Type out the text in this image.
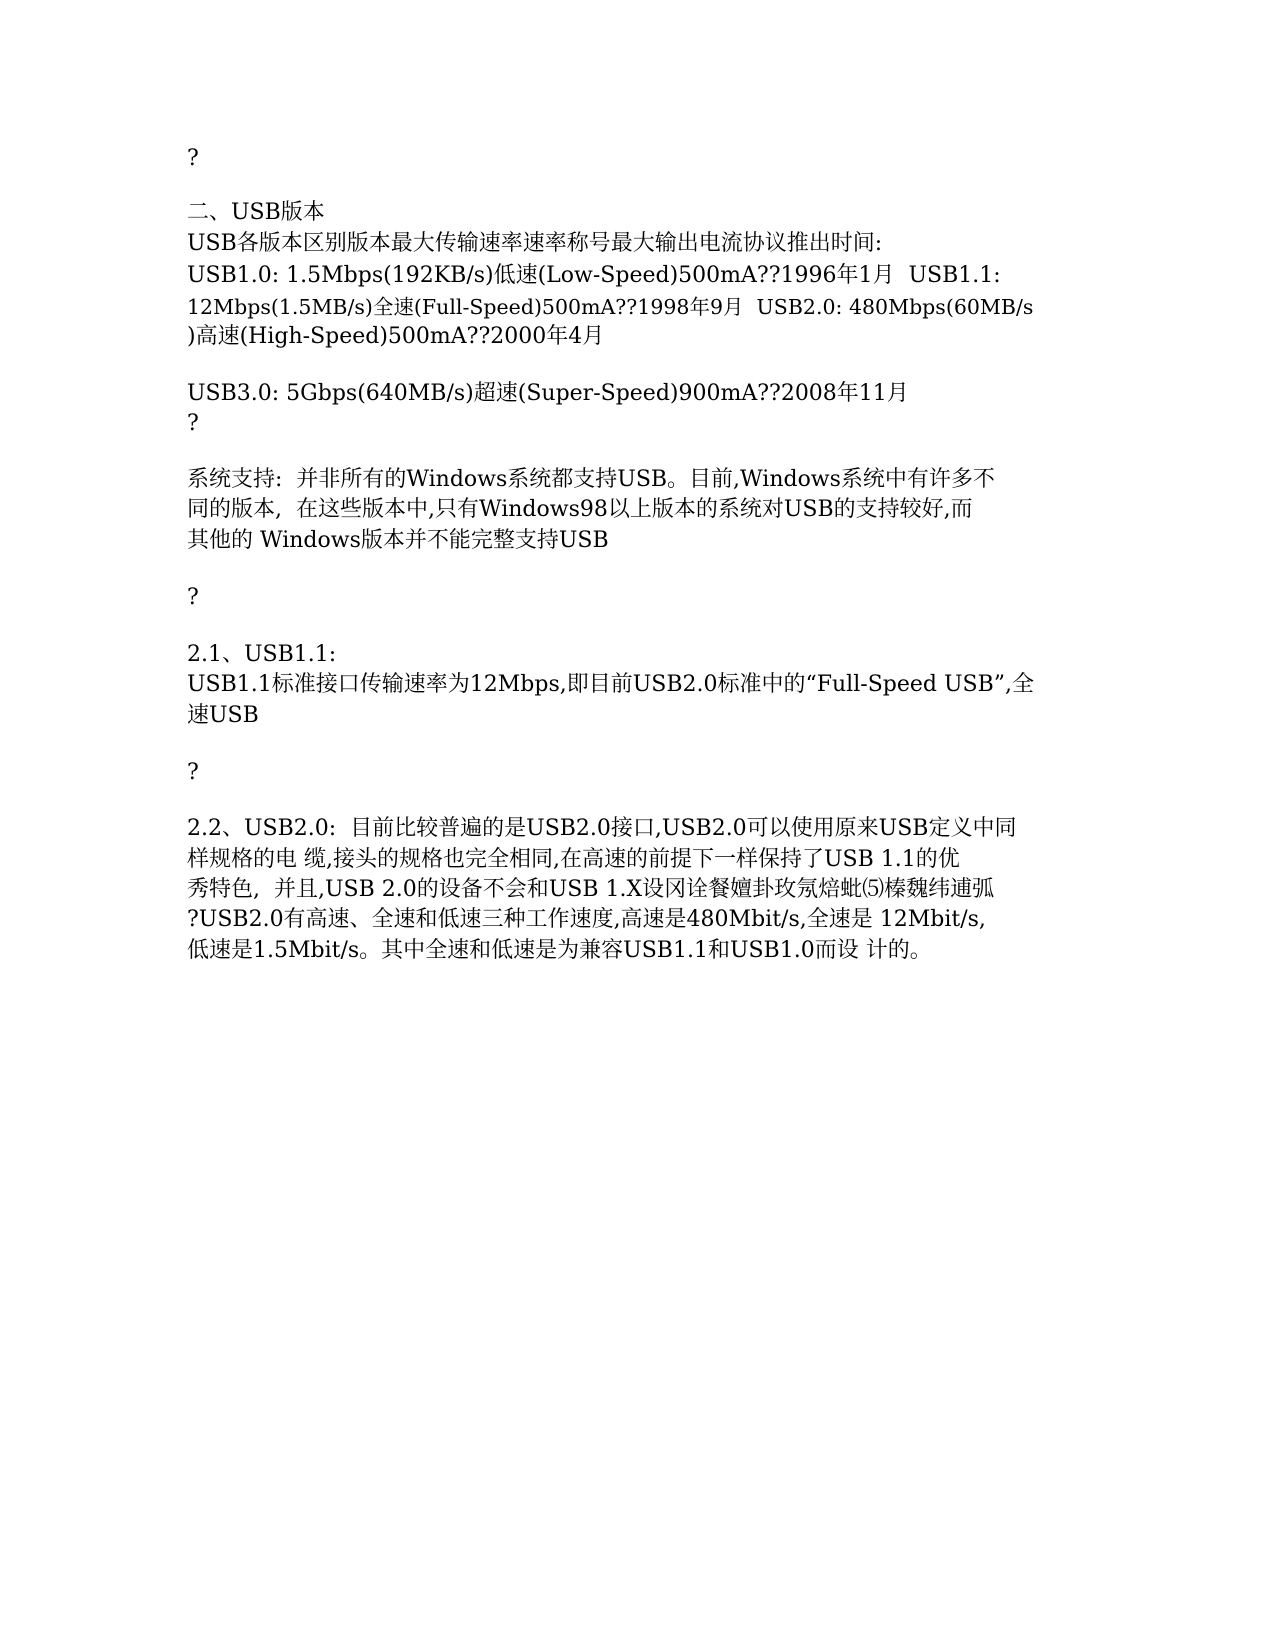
?
二、USB版本
USB各版本区别版本最大传输速率速率称号最大输出电流协议推出时间:
USB1.0: 1.5Mbps(192KB/s)低速(Low-Speed)500mA??1996年1月  USB1.1:
12Mbps(1.5MB/s)全速(Full-Speed)500mA??1998年9月  USB2.0: 480Mbps(60MB/s
)高速(High-Speed)500mA??2000年4月
USB3.0: 5Gbps(640MB/s)超速(Super-Speed)900mA??2008年11月
?
系统支持:  并非所有的Windows系统都支持USB。目前,Windows系统中有许多不
同的版本,  在这些版本中,只有Windows98以上版本的系统对USB的支持较好,而
其他的 Windows版本并不能完整支持USB
?
2.1、USB1.1:
USB1.1标准接口传输速率为12Mbps,即目前USB2.0标准中的“Full-Speed USB”,全
速USB
?
2.2、USB2.0:  目前比较普遍的是USB2.0接口,USB2.0可以使用原来USB定义中同
样规格的电 缆,接头的规格也完全相同,在高速的前提下一样保持了USB 1.1的优
秀特色,  并且,USB 2.0的设备不会和USB 1.X设冈诠餐嬗卦玫氖焙蚍⑸榛魏纬逋弧
?USB2.0有高速、全速和低速三种工作速度,高速是480Mbit/s,全速是 12Mbit/s,
低速是1.5Mbit/s。其中全速和低速是为兼容USB1.1和USB1.0而设 计的。
